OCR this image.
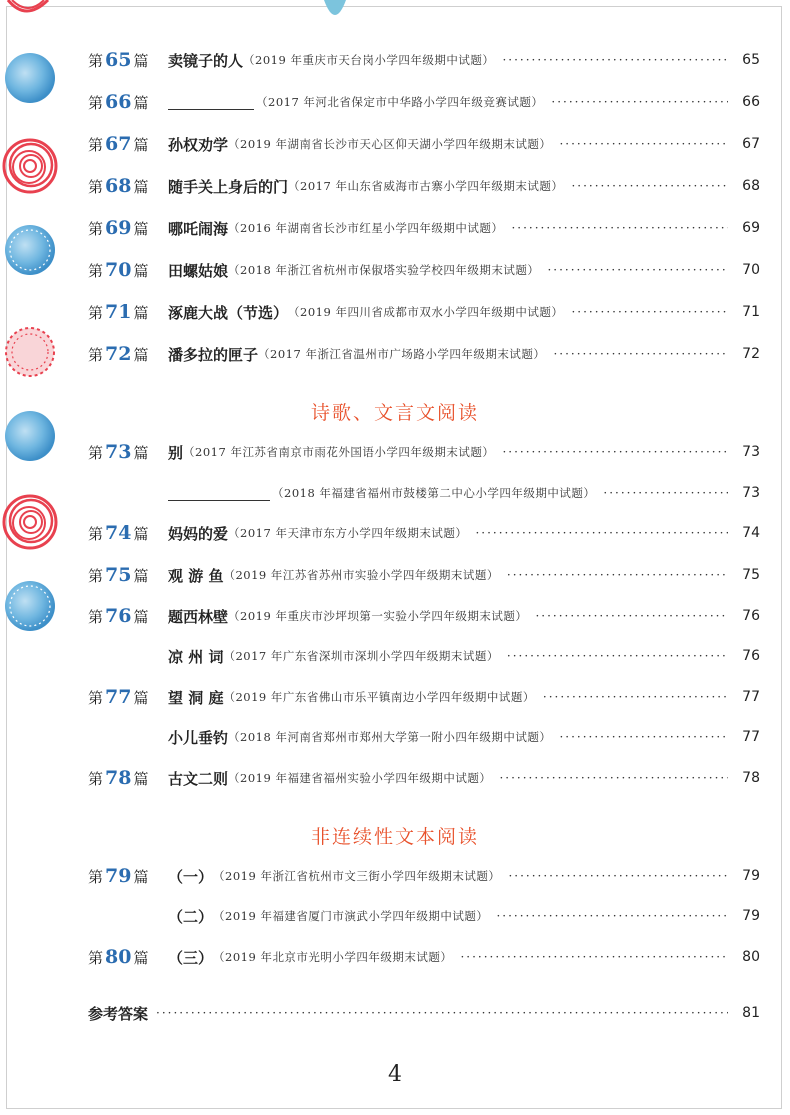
第 65 篇	卖镜子的人 （2019 年重庆市天台岗小学四年级期中试题） ·····	65
第 66 篇	（2017 年河北省保定市中华路小学四年级竞赛试题） ·····	66
第 67 篇	孙权劝学 （2019 年湖南省长沙市天心区仰天湖小学四年级期末试题） ·····	67
第 68 篇	随手关上身后的门 （2017 年山东省威海市古寨小学四年级期末试题） ·····	68
第 69 篇	哪吒闹海 （2016 年湖南省长沙市红星小学四年级期中试题） ·····	69
第 70 篇	田螺姑娘 （2018 年浙江省杭州市保俶塔实验学校四年级期末试题） ·····	70
第 71 篇	涿鹿大战（节选） （2019 年四川省成都市双水小学四年级期中试题） ·····	71
第 72 篇	潘多拉的匣子 （2017 年浙江省温州市广场路小学四年级期末试题） ·····	72
诗歌、文言文阅读
第 73 篇	别 （2017 年江苏省南京市雨花外国语小学四年级期末试题） ·····	73
（2018 年福建省福州市鼓楼第二中心小学四年级期中试题） ·····	73
第 74 篇	妈妈的爱 （2017 年天津市东方小学四年级期末试题） ·····	74
第 75 篇	观 游 鱼 （2019 年江苏省苏州市实验小学四年级期末试题） ·····	75
第 76 篇	题西林壁 （2019 年重庆市沙坪坝第一实验小学四年级期末试题） ·····	76
凉 州 词 （2017 年广东省深圳市深圳小学四年级期末试题） ·····	76
第 77 篇	望 洞 庭 （2019 年广东省佛山市乐平镇南边小学四年级期中试题） ·····	77
小儿垂钓 （2018 年河南省郑州市郑州大学第一附小四年级期中试题） ·····	77
第 78 篇	古文二则 （2019 年福建省福州实验小学四年级期中试题） ·····	78
非连续性文本阅读
第 79 篇	（一） （2019 年浙江省杭州市文三街小学四年级期末试题） ·····	79
（二） （2019 年福建省厦门市演武小学四年级期中试题） ·····	79
第 80 篇	（三） （2019 年北京市光明小学四年级期末试题） ·····	80
参考答案 ·····	81
4
